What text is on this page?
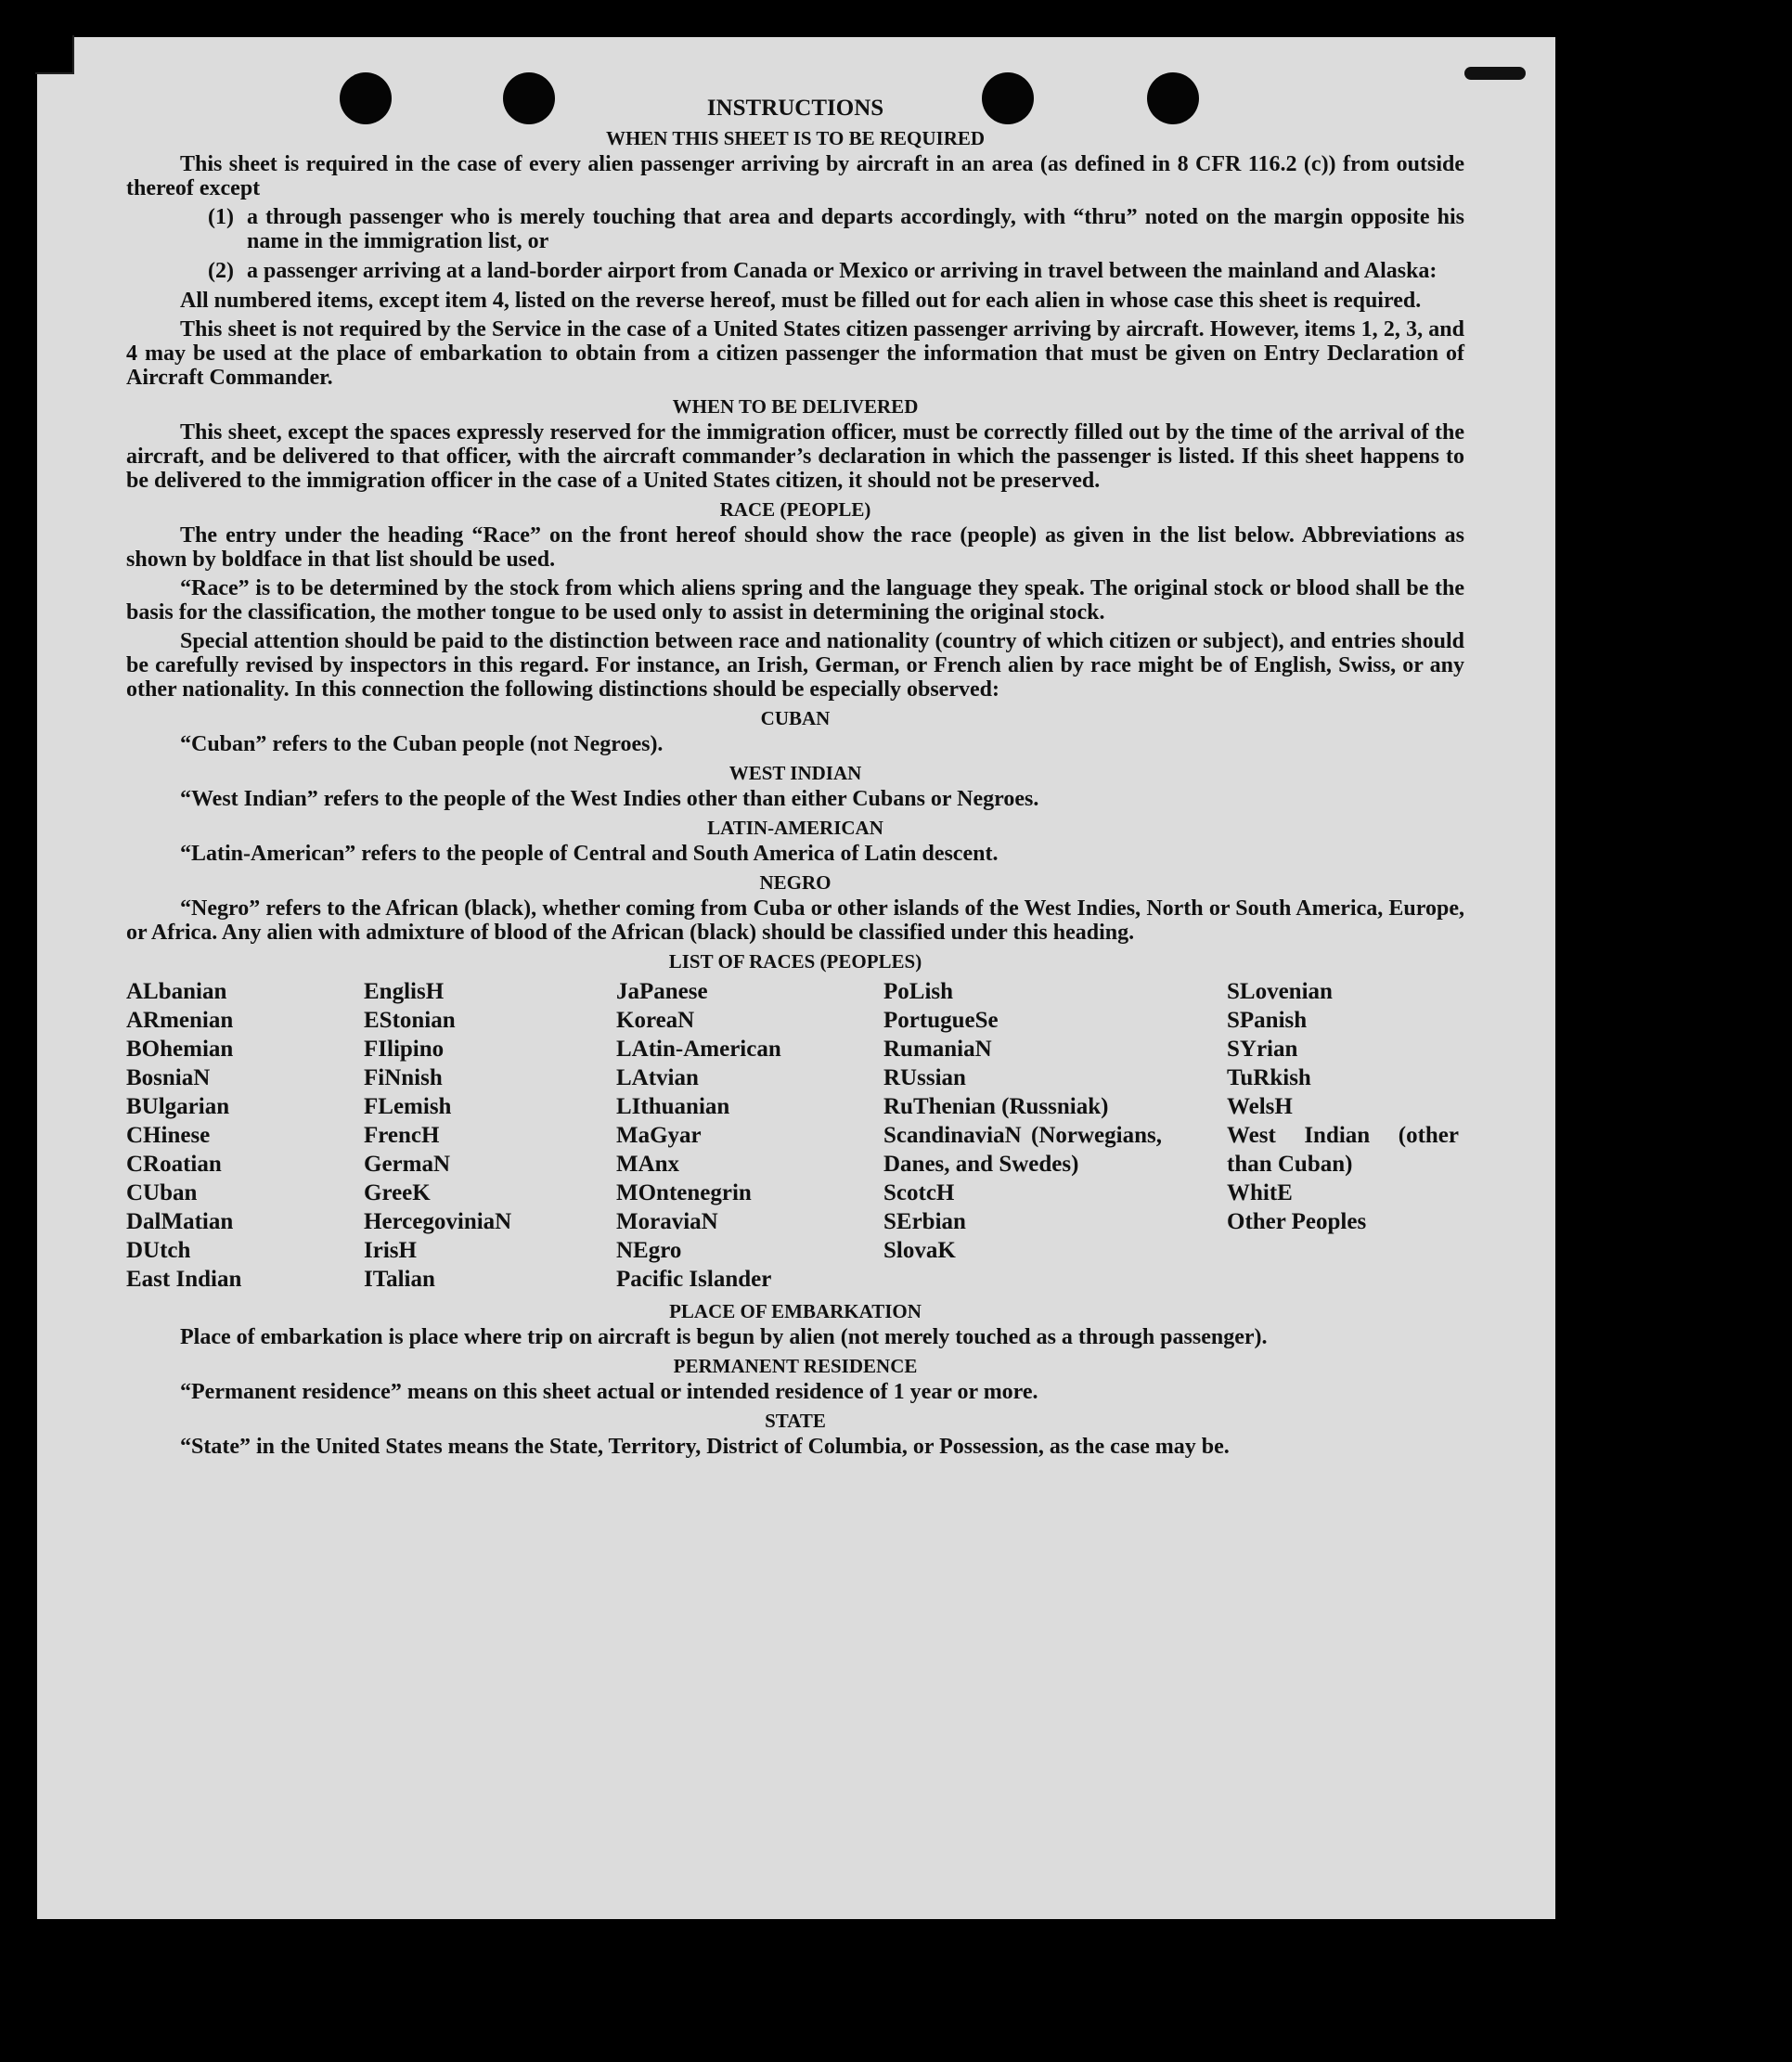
INSTRUCTIONS
WHEN THIS SHEET IS TO BE REQUIRED

This sheet is required in the case of every alien passenger arriving by aircraft in an area (as defined in 8 CFR 116.2 (c)) from outside thereof except

(1) a through passenger who is merely touching that area and departs accordingly, with “thru” noted on the margin opposite his name in the immigration list, or
(2) a passenger arriving at a land-border airport from Canada or Mexico or arriving in travel between the mainland and Alaska:

All numbered items, except item 4, listed on the reverse hereof, must be filled out for each alien in whose case this sheet is required.

This sheet is not required by the Service in the case of a United States citizen passenger arriving by aircraft. However, items 1, 2, 3, and 4 may be used at the place of embarkation to obtain from a citizen passenger the information that must be given on Entry Declaration of Aircraft Commander.

WHEN TO BE DELIVERED

This sheet, except the spaces expressly reserved for the immigration officer, must be correctly filled out by the time of the arrival of the aircraft, and be delivered to that officer, with the aircraft commander’s declaration in which the passenger is listed. If this sheet happens to be delivered to the immigration officer in the case of a United States citizen, it should not be preserved.

RACE (PEOPLE)

The entry under the heading “Race” on the front hereof should show the race (people) as given in the list below. Abbreviations as shown by boldface in that list should be used.

“Race” is to be determined by the stock from which aliens spring and the language they speak. The original stock or blood shall be the basis for the classification, the mother tongue to be used only to assist in determining the original stock.

Special attention should be paid to the distinction between race and nationality (country of which citizen or subject), and entries should be carefully revised by inspectors in this regard. For instance, an Irish, German, or French alien by race might be of English, Swiss, or any other nationality. In this connection the following distinctions should be especially observed:

CUBAN

“Cuban” refers to the Cuban people (not Negroes).

WEST INDIAN

“West Indian” refers to the people of the West Indies other than either Cubans or Negroes.

LATIN-AMERICAN

“Latin-American” refers to the people of Central and South America of Latin descent.

NEGRO

“Negro” refers to the African (black), whether coming from Cuba or other islands of the West Indies, North or South America, Europe, or Africa. Any alien with admixture of blood of the African (black) should be classified under this heading.

LIST OF RACES (PEOPLES)
ALbanian
ARmenian
BOhemian
BosniaN
BUlgarian
CHinese
CRoatian
CUban
DalMatian
DUtch
East Indian
EnglisH
EStonian
FIlipino
FiNnish
FLemish
FrencH
GermaN
GreeK
HercegoviniaN
IrisH
ITalian
JaPanese
KoreaN
LAtin-American
LAtvian
LIthuanian
MaGyar
MAnx
MOntenegrin
MoraviaN
NEgro
Pacific Islander
PoLish
PortugueSe
RumaniaN
RUssian
RuThenian (Russniak)
ScandinaviaN (Norwegians, Danes, and Swedes)
ScotcH
SErbian
SlovaK
SLovenian
SPanish
SYrian
TuRkish
WelsH
West Indian (other than Cuban)
WhitE
Other Peoples
PLACE OF EMBARKATION

Place of embarkation is place where trip on aircraft is begun by alien (not merely touched as a through passenger).

PERMANENT RESIDENCE

“Permanent residence” means on this sheet actual or intended residence of 1 year or more.

STATE

“State” in the United States means the State, Territory, District of Columbia, or Possession, as the case may be.
